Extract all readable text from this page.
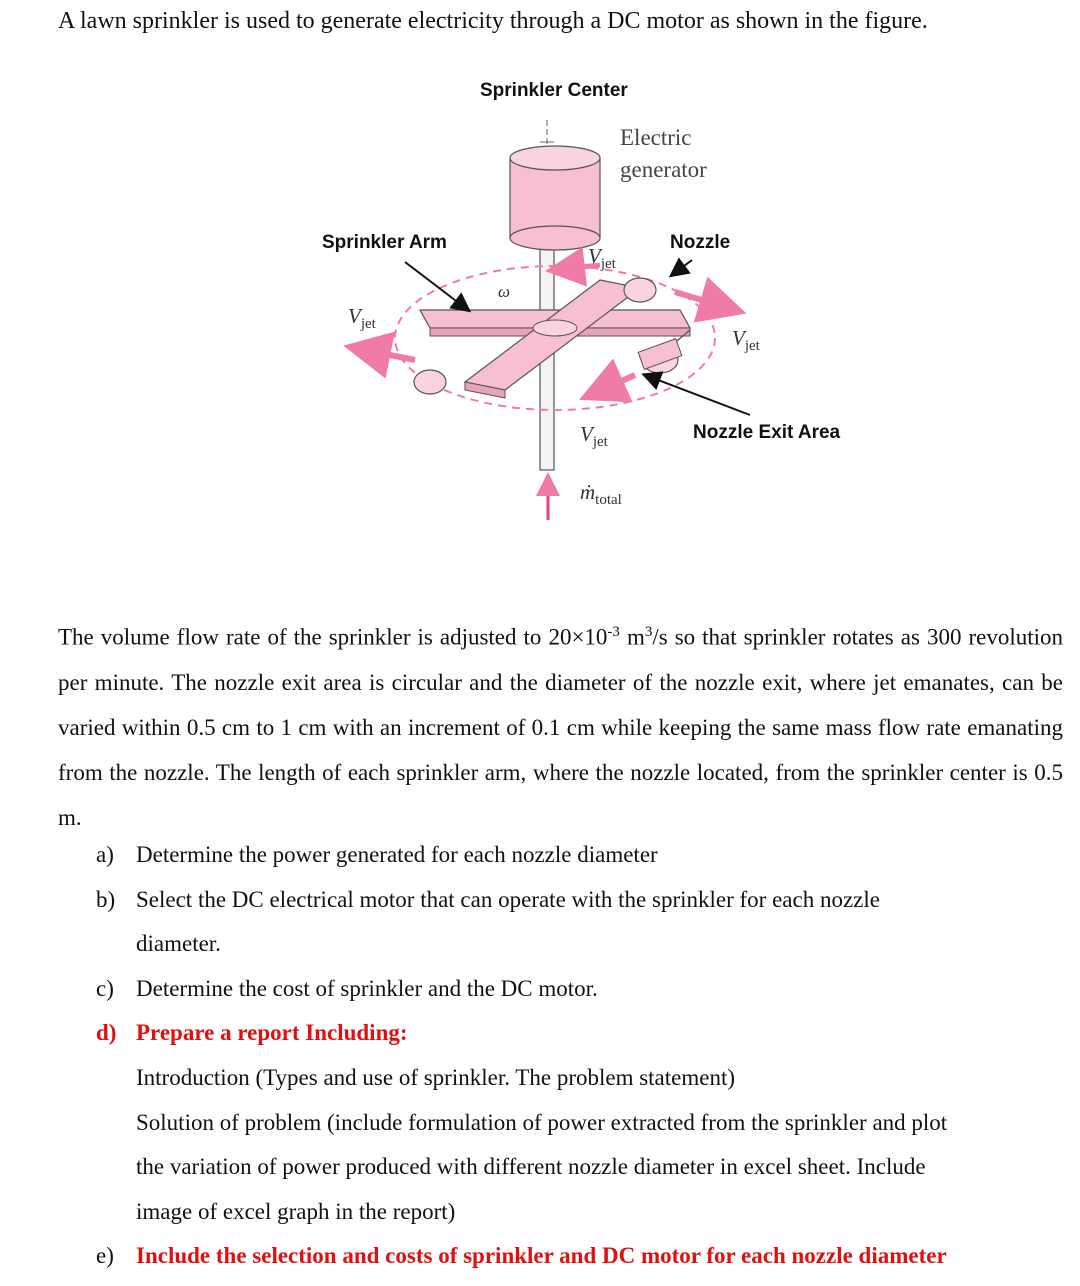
A lawn sprinkler is used to generate electricity through a DC motor as shown in the figure.
Sprinkler Center
Electric
generator
Sprinkler Arm	Nozzle
Nozzle Exit Area
$V_{jet}$
$V_{jet}$
$V_{jet}$
$V_{jet}$
ω
ṁ$_{total}$

The volume flow rate of the sprinkler is adjusted to $20\times 10^{-3}$ $m^3/s$ so that sprinkler rotates as 300 revolution per minute. The nozzle exit area is circular and the diameter of the nozzle exit, where jet emanates, can be varied within 0.5 cm to 1 cm with an increment of 0.1 cm while keeping the same mass flow rate emanating from the nozzle. The length of each sprinkler arm, where the nozzle located, from the sprinkler center is 0.5 m.

a) Determine the power generated for each nozzle diameter
b) Select the DC electrical motor that can operate with the sprinkler for each nozzle
diameter.
c) Determine the cost of sprinkler and the DC motor.
d) Prepare a report Including:
Introduction (Types and use of sprinkler. The problem statement)
Solution of problem (include formulation of power extracted from the sprinkler and plot
the variation of power produced with different nozzle diameter in excel sheet. Include
image of excel graph in the report)
e) Include the selection and costs of sprinkler and DC motor for each nozzle diameter
